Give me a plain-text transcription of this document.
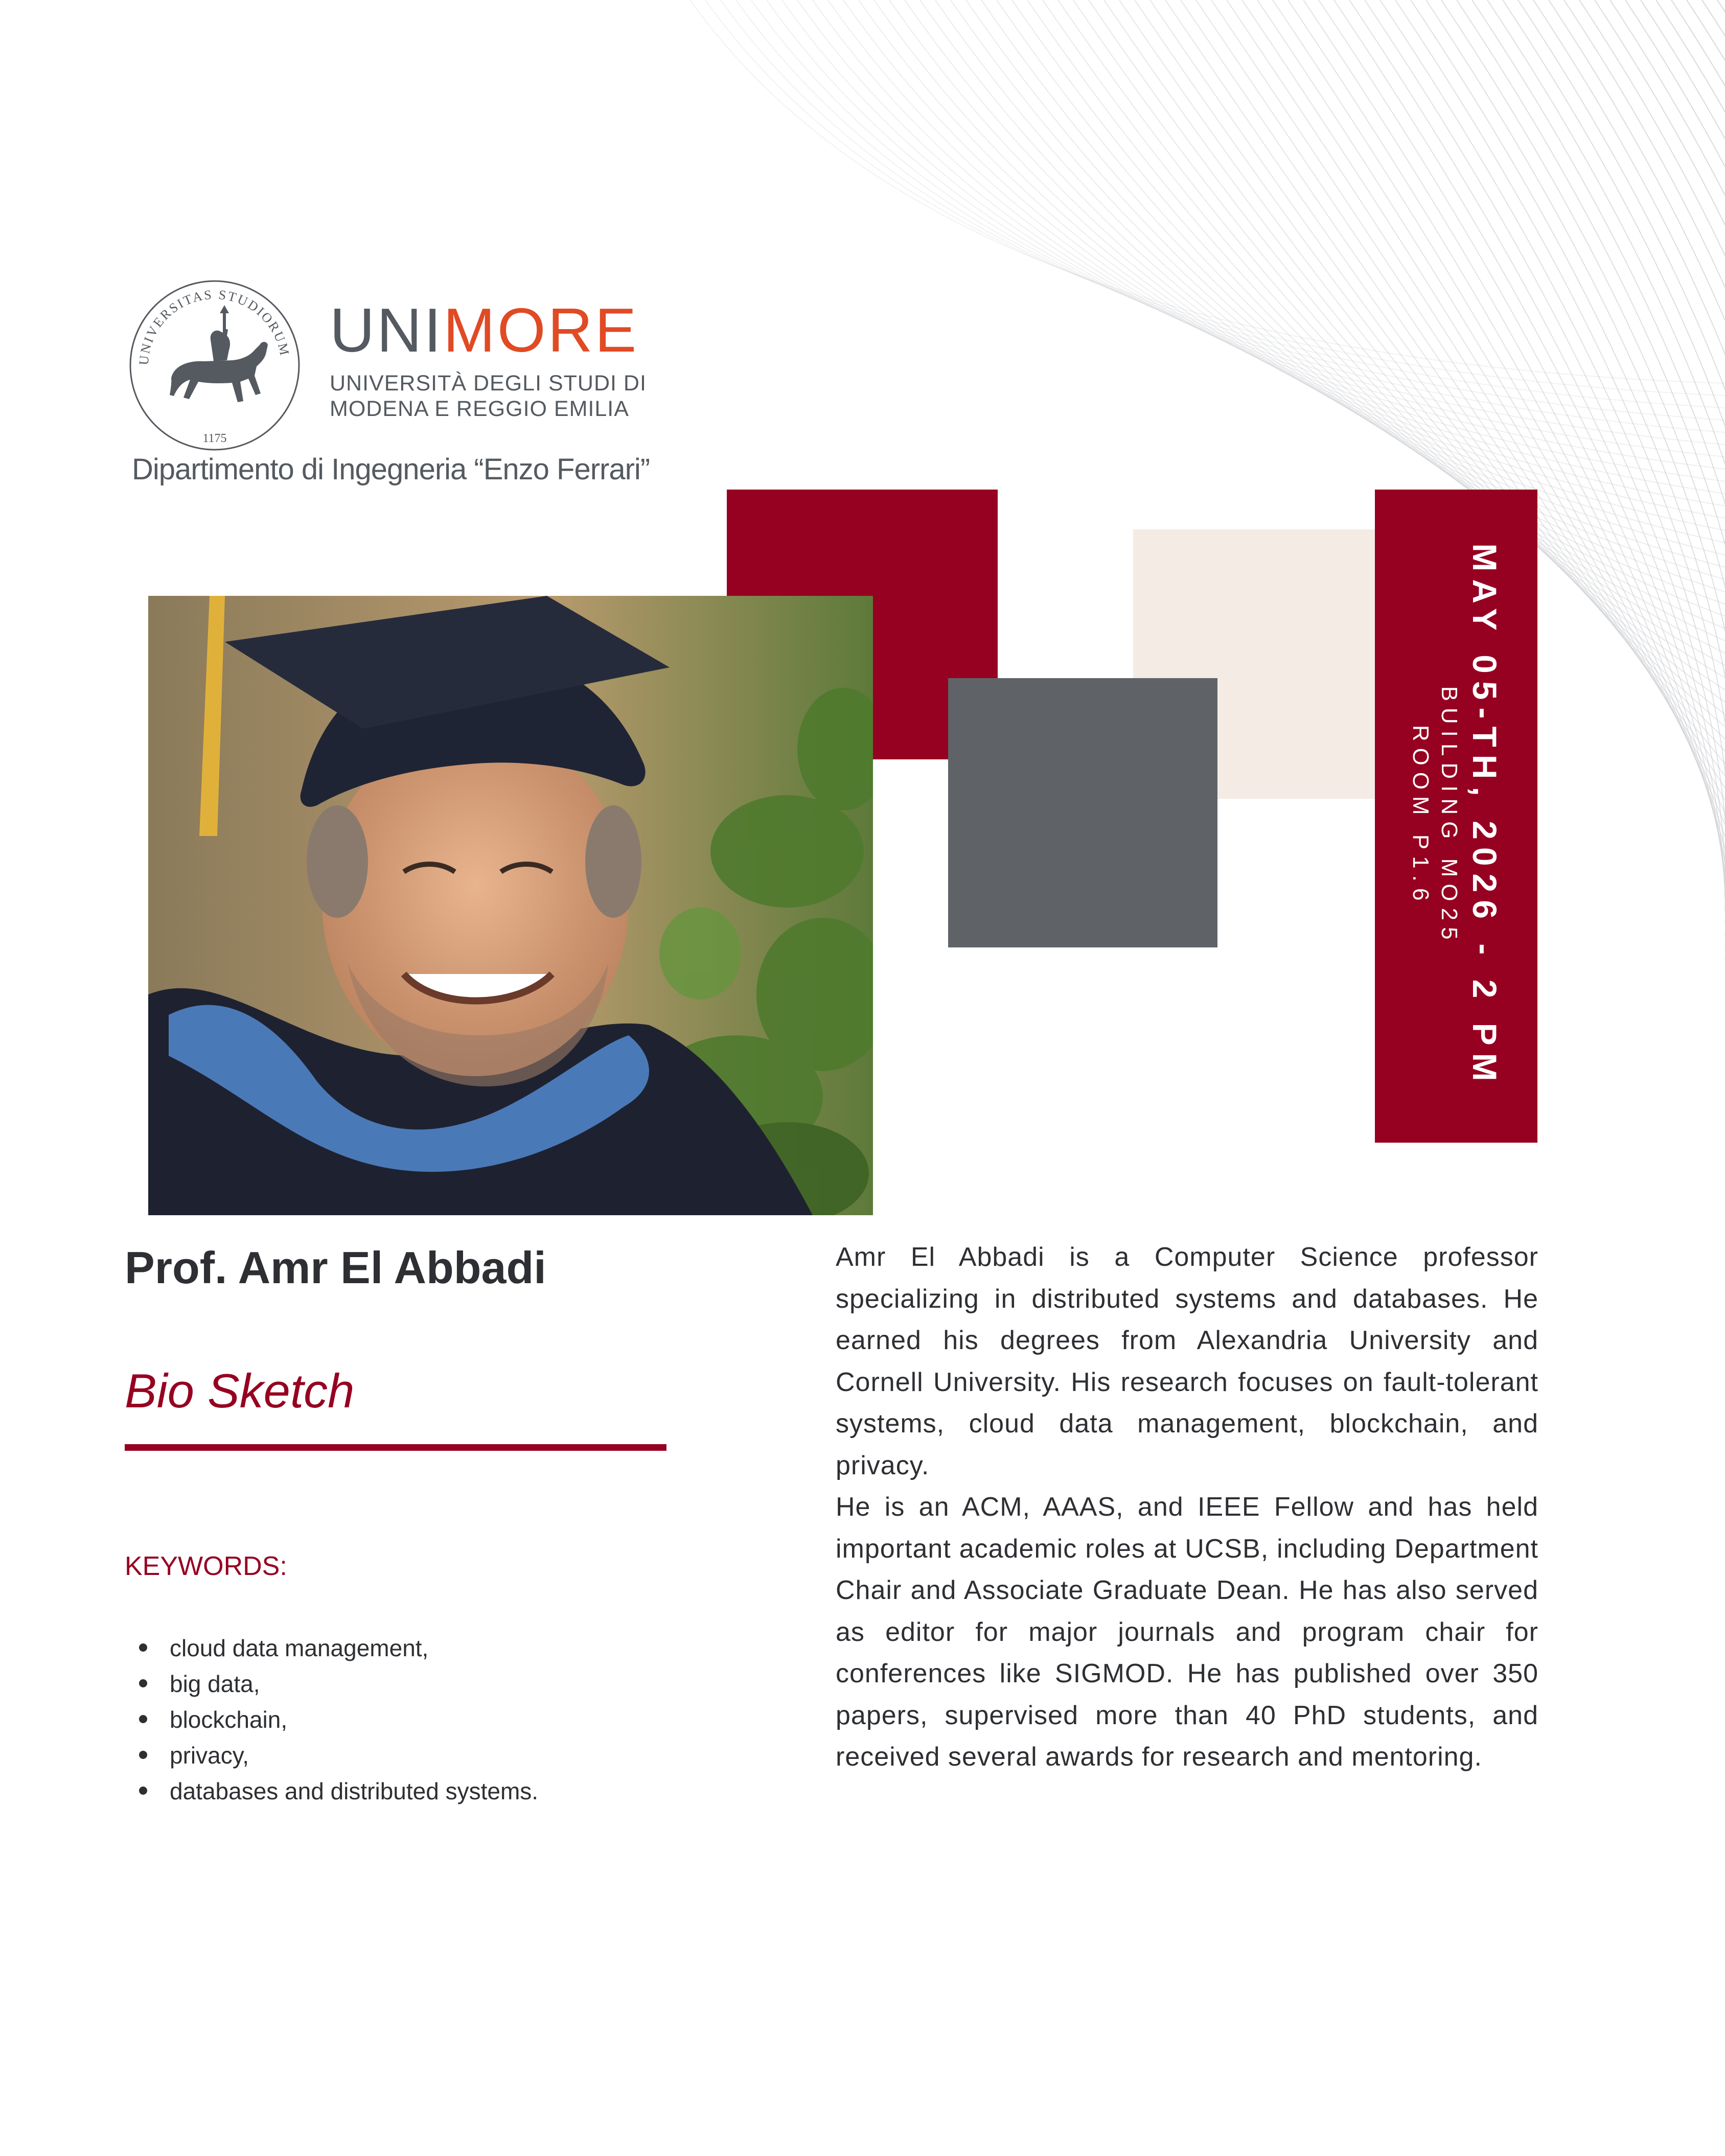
UNIVERSITAS STUDIORUM
1175
UNIMORE
UNIVERSITÀ DEGLI STUDI DI
MODENA E REGGIO EMILIA
Dipartimento di Ingegneria “Enzo Ferrari”
MAY 05-TH, 2026 - 2 PM
BUILDING MO25
ROOM P1.6
Prof. Amr El Abbadi
Bio Sketch
KEYWORDS:
cloud data management,
big data,
blockchain,
privacy,
databases and distributed systems.

Amr El Abbadi is a Computer Science professor specializing in distributed systems and databases. He earned his degrees from Alexandria University and Cornell University. His research focuses on fault-tolerant systems, cloud data management, blockchain, and privacy.

He is an ACM, AAAS, and IEEE Fellow and has held important academic roles at UCSB, including Department Chair and Associate Graduate Dean. He has also served as editor for major journals and program chair for conferences like SIGMOD. He has published over 350 papers, supervised more than 40 PhD students, and received several awards for research and mentoring.
